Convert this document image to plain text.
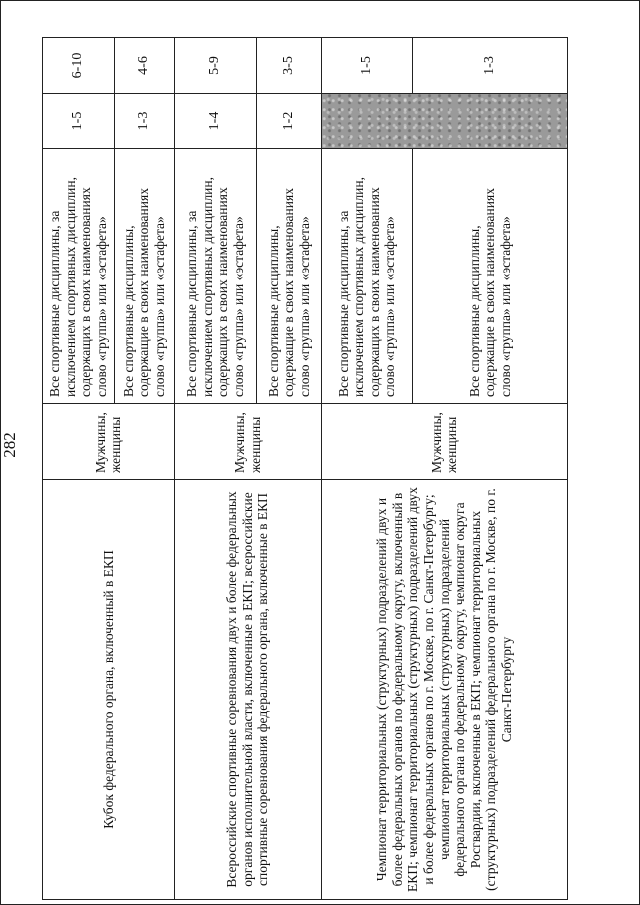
282
Кубок федерального органа, включенный в ЕКП	Мужчины, женщины	Все спортивные дисциплины, за исключением спортивных дисциплин, содержащих в своих наименованиях слово «группа» или «эстафета»	1-5	6-10
		Все спортивные дисциплины, содержащие в своих наименованиях слово «группа» или «эстафета»	1-3	4-6
Всероссийские спортивные соревнования двух и более федеральных органов исполнительной власти, включенные в ЕКП; всероссийские спортивные соревнования федерального органа, включенные в ЕКП	Мужчины, женщины	Все спортивные дисциплины, за исключением спортивных дисциплин, содержащих в своих наименованиях слово «группа» или «эстафета»	1-4	5-9
		Все спортивные дисциплины, содержащие в своих наименованиях слово «группа» или «эстафета»	1-2	3-5
Чемпионат территориальных (структурных) подразделений двух и более федеральных органов по федеральному округу, включенный в ЕКП; чемпионат территориальных (структурных) подразделений двух и более федеральных органов по г. Москве, по г. Санкт-Петербургу; чемпионат территориальных (структурных) подразделений федерального органа по федеральному округу, чемпионат округа Росгвардии, включенные в ЕКП; чемпионат территориальных (структурных) подразделений федерального органа по г. Москве, по г. Санкт-Петербургу	Мужчины, женщины	Все спортивные дисциплины, за исключением спортивных дисциплин, содержащих в своих наименованиях слово «группа» или «эстафета»		1-5
		Все спортивные дисциплины, содержащие в своих наименованиях слово «группа» или «эстафета»		1-3
